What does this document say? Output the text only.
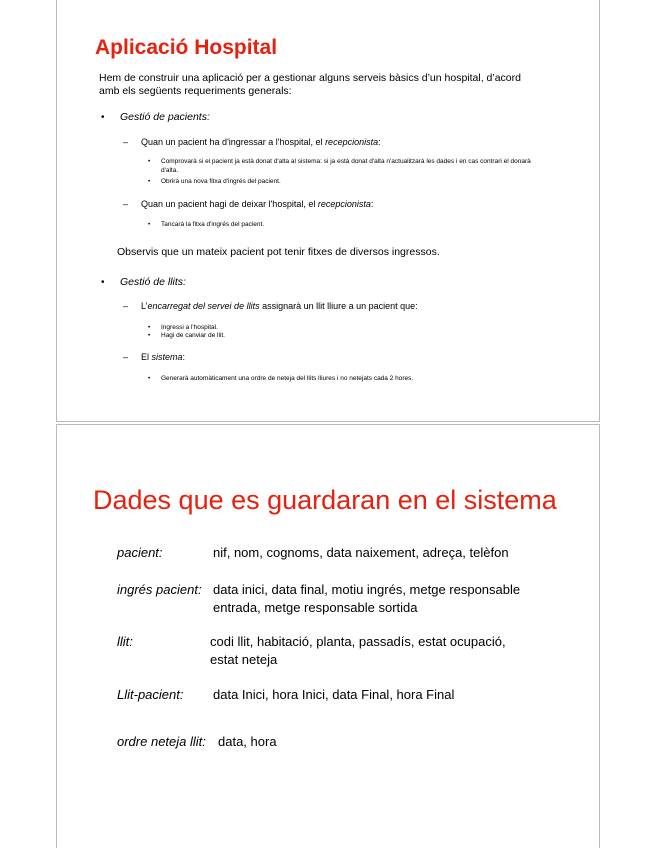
Aplicació Hospital
Hem de construir una aplicació per a gestionar alguns serveis bàsics d’un hospital, d’acord amb els següents requeriments generals:
• Gestió de pacients:
– Quan un pacient ha d'ingressar a l'hospital, el recepcionista:
• Comprovarà si el pacient ja està donat d'alta al sistema: si ja està donat d'alta n'actualitzarà les dades i en cas contrari el donarà d'alta.
• Obrirà una nova fitxa d'ingrés del pacient.
– Quan un pacient hagi de deixar l'hospital, el recepcionista:
• Tancarà la fitxa d'ingrés del pacient.
Observis que un mateix pacient pot tenir fitxes de diversos ingressos.
• Gestió de llits:
– L’encarregat del servei de llits assignarà un llit lliure a un pacient que:
• Ingressi a l'hospital.
• Hagi de canviar de llit.
– El sistema:
• Generarà automàticament una ordre de neteja del llits lliures i no netejats cada 2 hores.
Dades que es guardaran en el sistema
pacient:	nif, nom, cognoms, data naixement, adreça, telèfon
ingrés pacient: data inici, data final, motiu ingrés, metge responsable
entrada, metge responsable sortida
llit:	codi llit, habitació, planta, passadís, estat ocupació,
estat neteja
Llit-pacient: data Inici, hora Inici, data Final, hora Final
ordre neteja llit: data, hora
